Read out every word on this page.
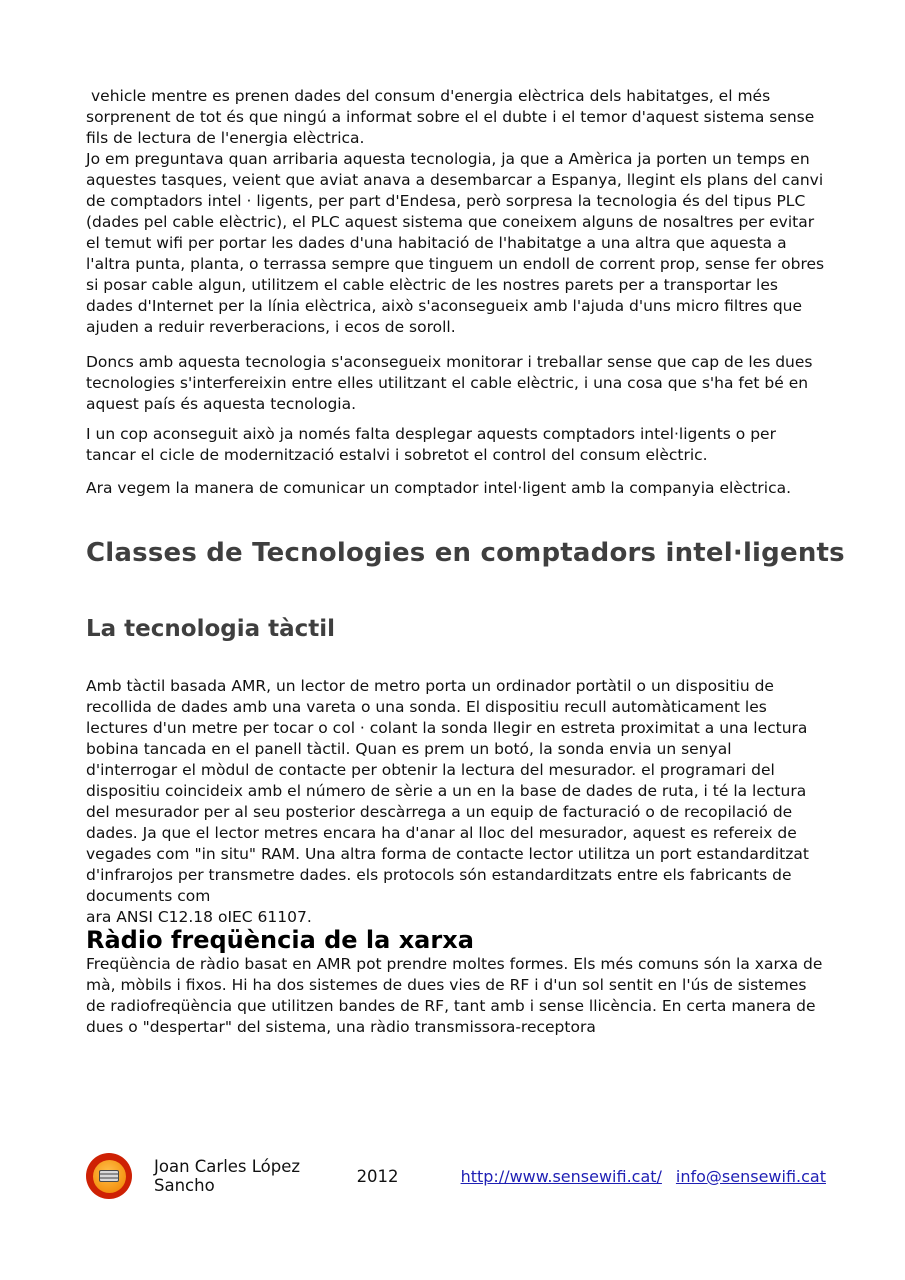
vehicle mentre es prenen dades del consum d'energia elèctrica dels habitatges, el més sorprenent de tot és que ningú a informat sobre el el dubte i el temor d'aquest sistema sense fils de lectura de l'energia elèctrica.

Jo em preguntava quan arribaria aquesta tecnologia, ja que a Amèrica ja porten un temps en aquestes tasques, veient que aviat anava a desembarcar a Espanya, llegint els plans del canvi de comptadors intel · ligents, per part d'Endesa, però sorpresa la tecnologia és del tipus PLC (dades pel cable elèctric), el PLC aquest sistema que coneixem alguns de nosaltres per evitar el temut wifi per portar les dades d'una habitació de l'habitatge a una altra que aquesta a l'altra punta, planta, o terrassa sempre que tinguem un endoll de corrent prop, sense fer obres si posar cable algun, utilitzem el cable elèctric de les nostres parets per a transportar les dades d'Internet per la línia elèctrica, això s'aconsegueix amb l'ajuda d'uns micro filtres que ajuden a reduir reverberacions, i ecos de soroll.

Doncs amb aquesta tecnologia s'aconsegueix monitorar i treballar sense que cap de les dues tecnologies s'interfereixin entre elles utilitzant el cable elèctric, i una cosa que s'ha fet bé en aquest país és aquesta tecnologia.

I un cop aconseguit això ja només falta desplegar aquests comptadors intel·ligents o per tancar el cicle de modernització estalvi i sobretot el control del consum elèctric.

Ara vegem la manera de comunicar un comptador intel·ligent amb la companyia elèctrica.

Classes de Tecnologies en comptadors intel·ligents
La tecnologia tàctil

Amb tàctil basada AMR, un lector de metro porta un ordinador portàtil o un dispositiu de recollida de dades amb una vareta o una sonda. El dispositiu recull automàticament les lectures d'un metre per tocar o col · colant la sonda llegir en estreta proximitat a una lectura bobina tancada en el panell tàctil. Quan es prem un botó, la sonda envia un senyal d'interrogar el mòdul de contacte per obtenir la lectura del mesurador. el programari del dispositiu coincideix amb el número de sèrie a un en la base de dades de ruta, i té la lectura del mesurador per al seu posterior descàrrega a un equip de facturació o de recopilació de dades. Ja que el lector metres encara ha d'anar al lloc del mesurador, aquest es refereix de vegades com "in situ" RAM. Una altra forma de contacte lector utilitza un port estandarditzat d'infrarojos per transmetre dades. els protocols són estandarditzats entre els fabricants de documents com
ara ANSI C12.18 oIEC 61107.

Ràdio freqüència de la xarxa

Freqüència de ràdio basat en AMR pot prendre moltes formes. Els més comuns són la xarxa de mà, mòbils i fixos. Hi ha dos sistemes de dues vies de RF i d'un sol sentit en l'ús de sistemes de radiofreqüència que utilitzen bandes de RF, tant amb i sense llicència. En certa manera de dues o "despertar" del sistema, una ràdio transmissora-receptora

Joan Carles López Sancho	2012	http://www.sensewifi.cat/ info@sensewifi.cat
